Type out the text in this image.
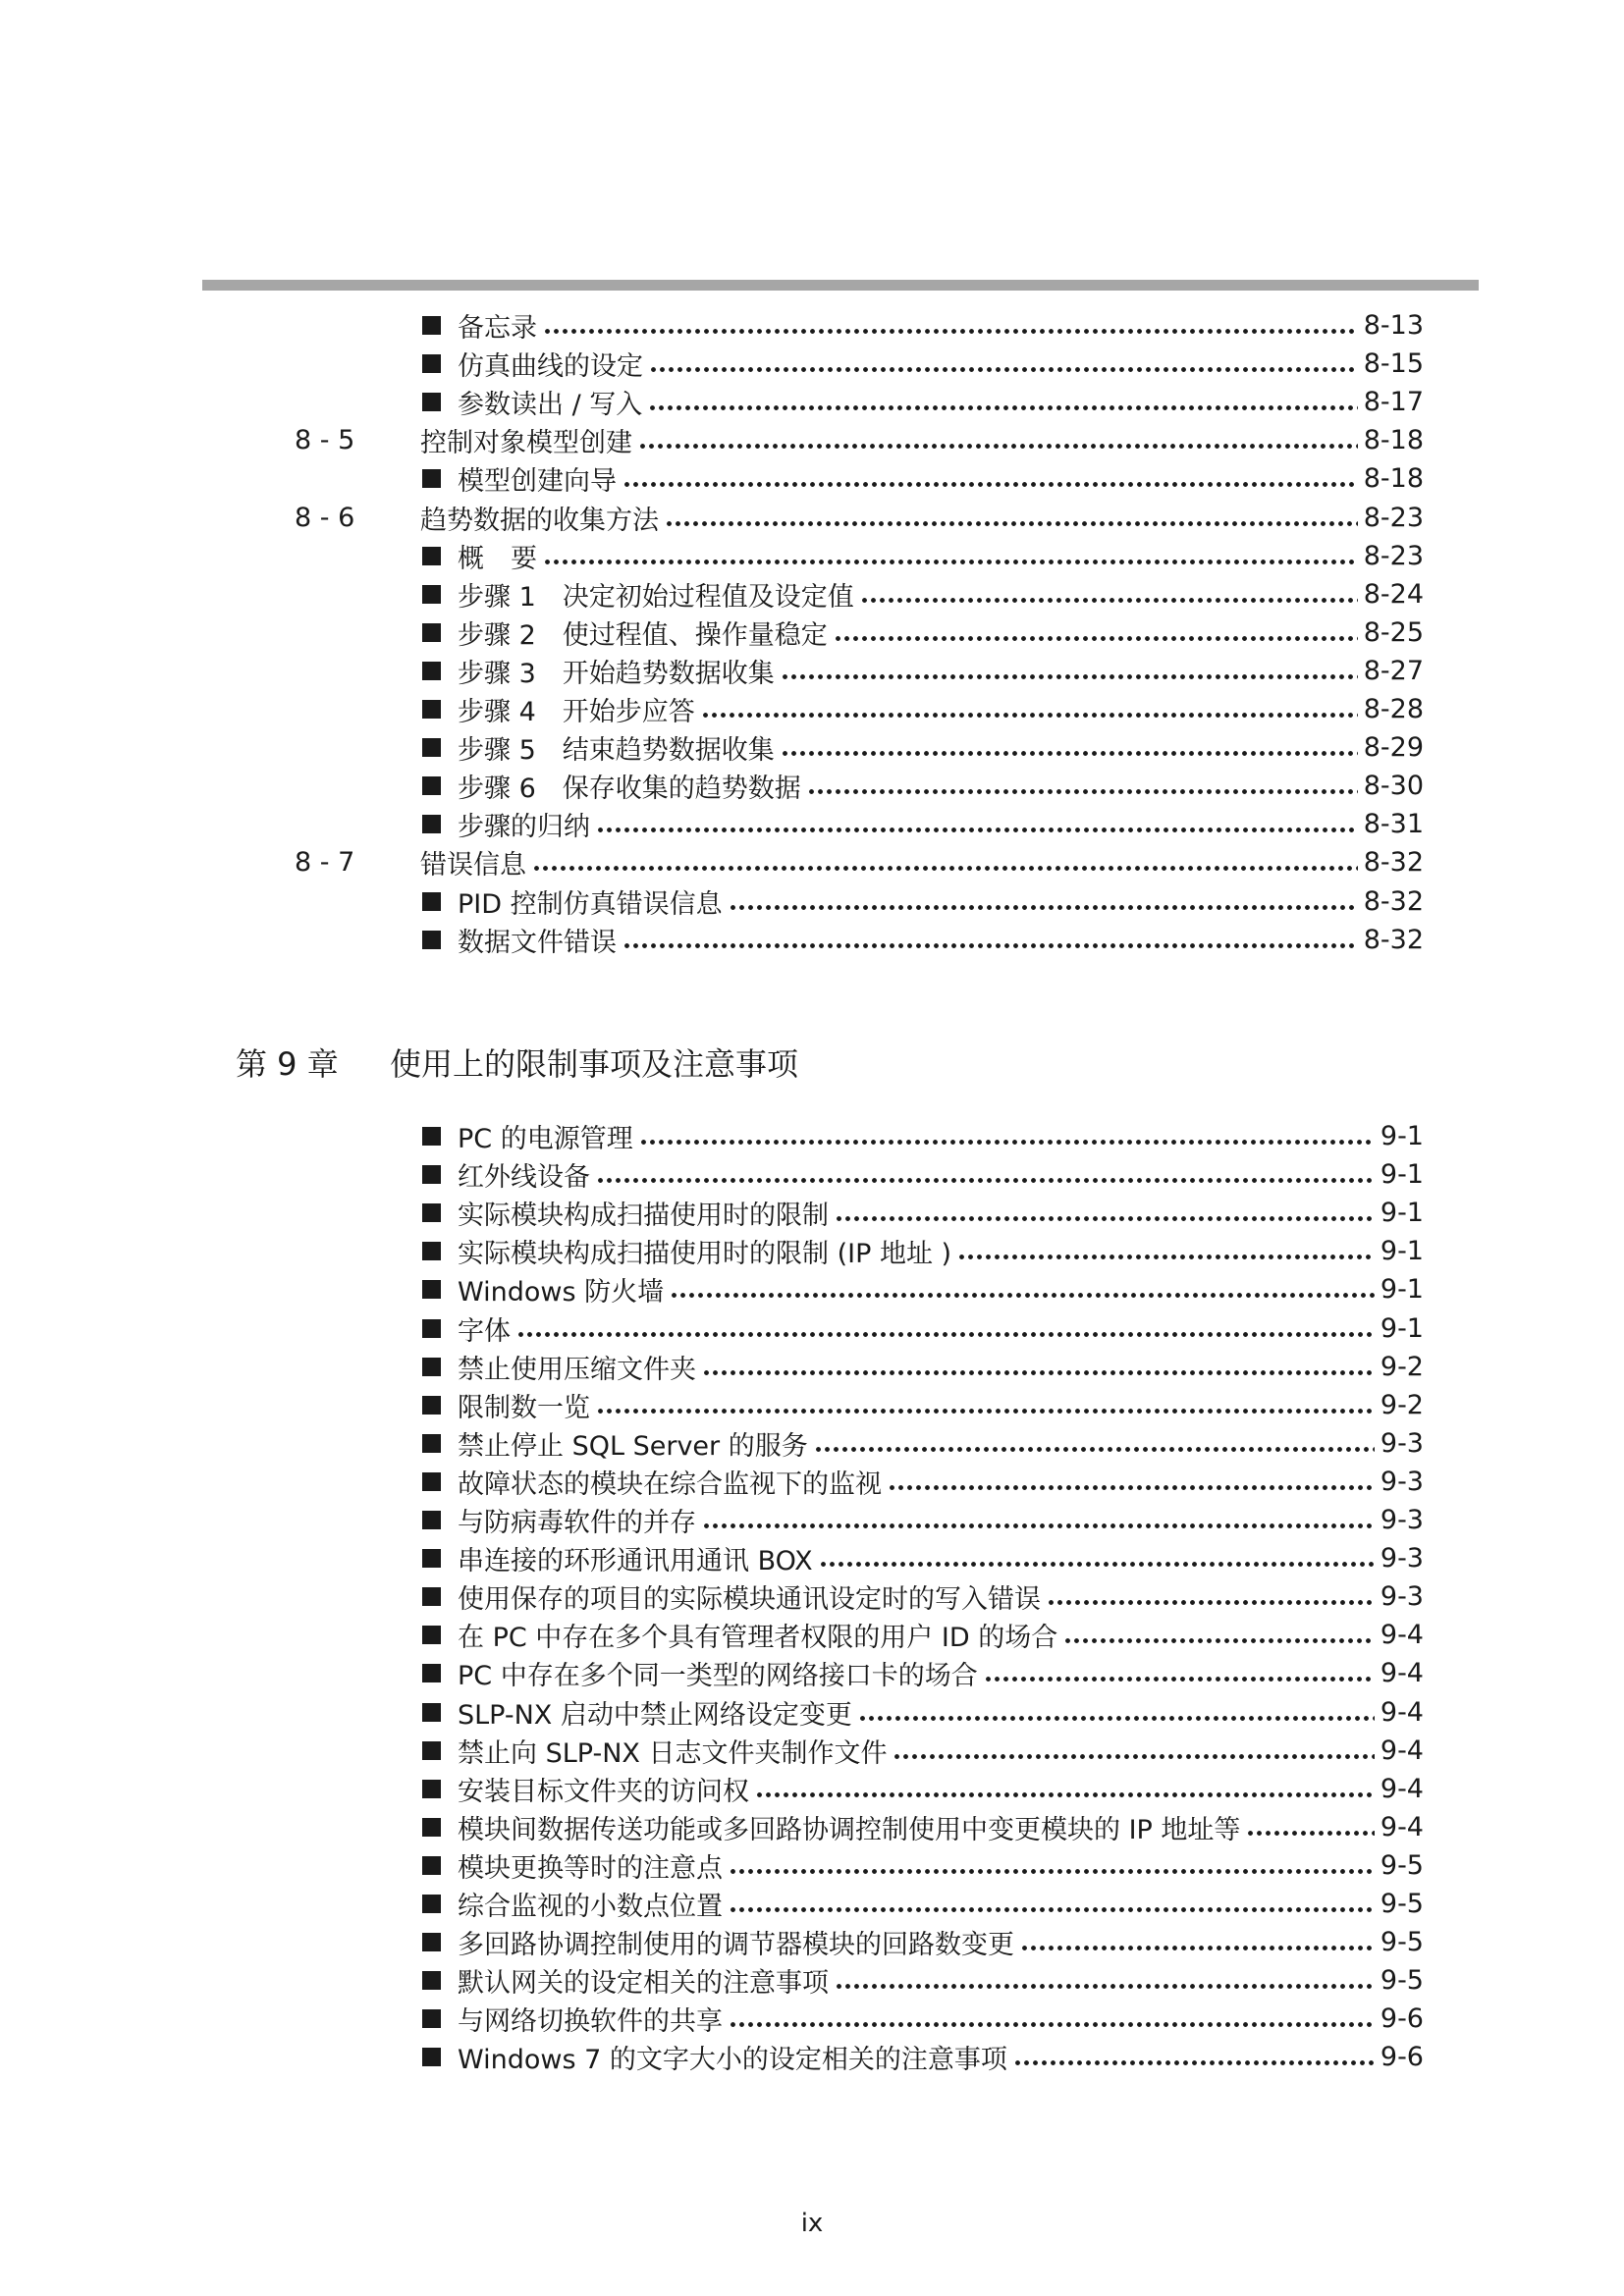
备忘录	8-13
仿真曲线的设定	8-15
参数读出 / 写入	8-17
8 - 5	控制对象模型创建	8-18
模型创建向导	8-18
8 - 6	趋势数据的收集方法	8-23
概　要	8-23
步骤 1　决定初始过程值及设定值	8-24
步骤 2　使过程值、操作量稳定	8-25
步骤 3　开始趋势数据收集	8-27
步骤 4　开始步应答	8-28
步骤 5　结束趋势数据收集	8-29
步骤 6　保存收集的趋势数据	8-30
步骤的归纳	8-31
8 - 7	错误信息	8-32
PID 控制仿真错误信息	8-32
数据文件错误	8-32
第 9 章 使用上的限制事项及注意事项
PC 的电源管理	9-1
红外线设备	9-1
实际模块构成扫描使用时的限制	9-1
实际模块构成扫描使用时的限制 (IP 地址 )	9-1
Windows 防火墙	9-1
字体	9-1
禁止使用压缩文件夹	9-2
限制数一览	9-2
禁止停止 SQL Server 的服务	9-3
故障状态的模块在综合监视下的监视	9-3
与防病毒软件的并存	9-3
串连接的环形通讯用通讯 BOX	9-3
使用保存的项目的实际模块通讯设定时的写入错误	9-3
在 PC 中存在多个具有管理者权限的用户 ID 的场合	9-4
PC 中存在多个同一类型的网络接口卡的场合	9-4
SLP-NX 启动中禁止网络设定变更	9-4
禁止向 SLP-NX 日志文件夹制作文件	9-4
安装目标文件夹的访问权	9-4
模块间数据传送功能或多回路协调控制使用中变更模块的 IP 地址等	9-4
模块更换等时的注意点	9-5
综合监视的小数点位置	9-5
多回路协调控制使用的调节器模块的回路数变更	9-5
默认网关的设定相关的注意事项	9-5
与网络切换软件的共享	9-6
Windows 7 的文字大小的设定相关的注意事项	9-6
ix
